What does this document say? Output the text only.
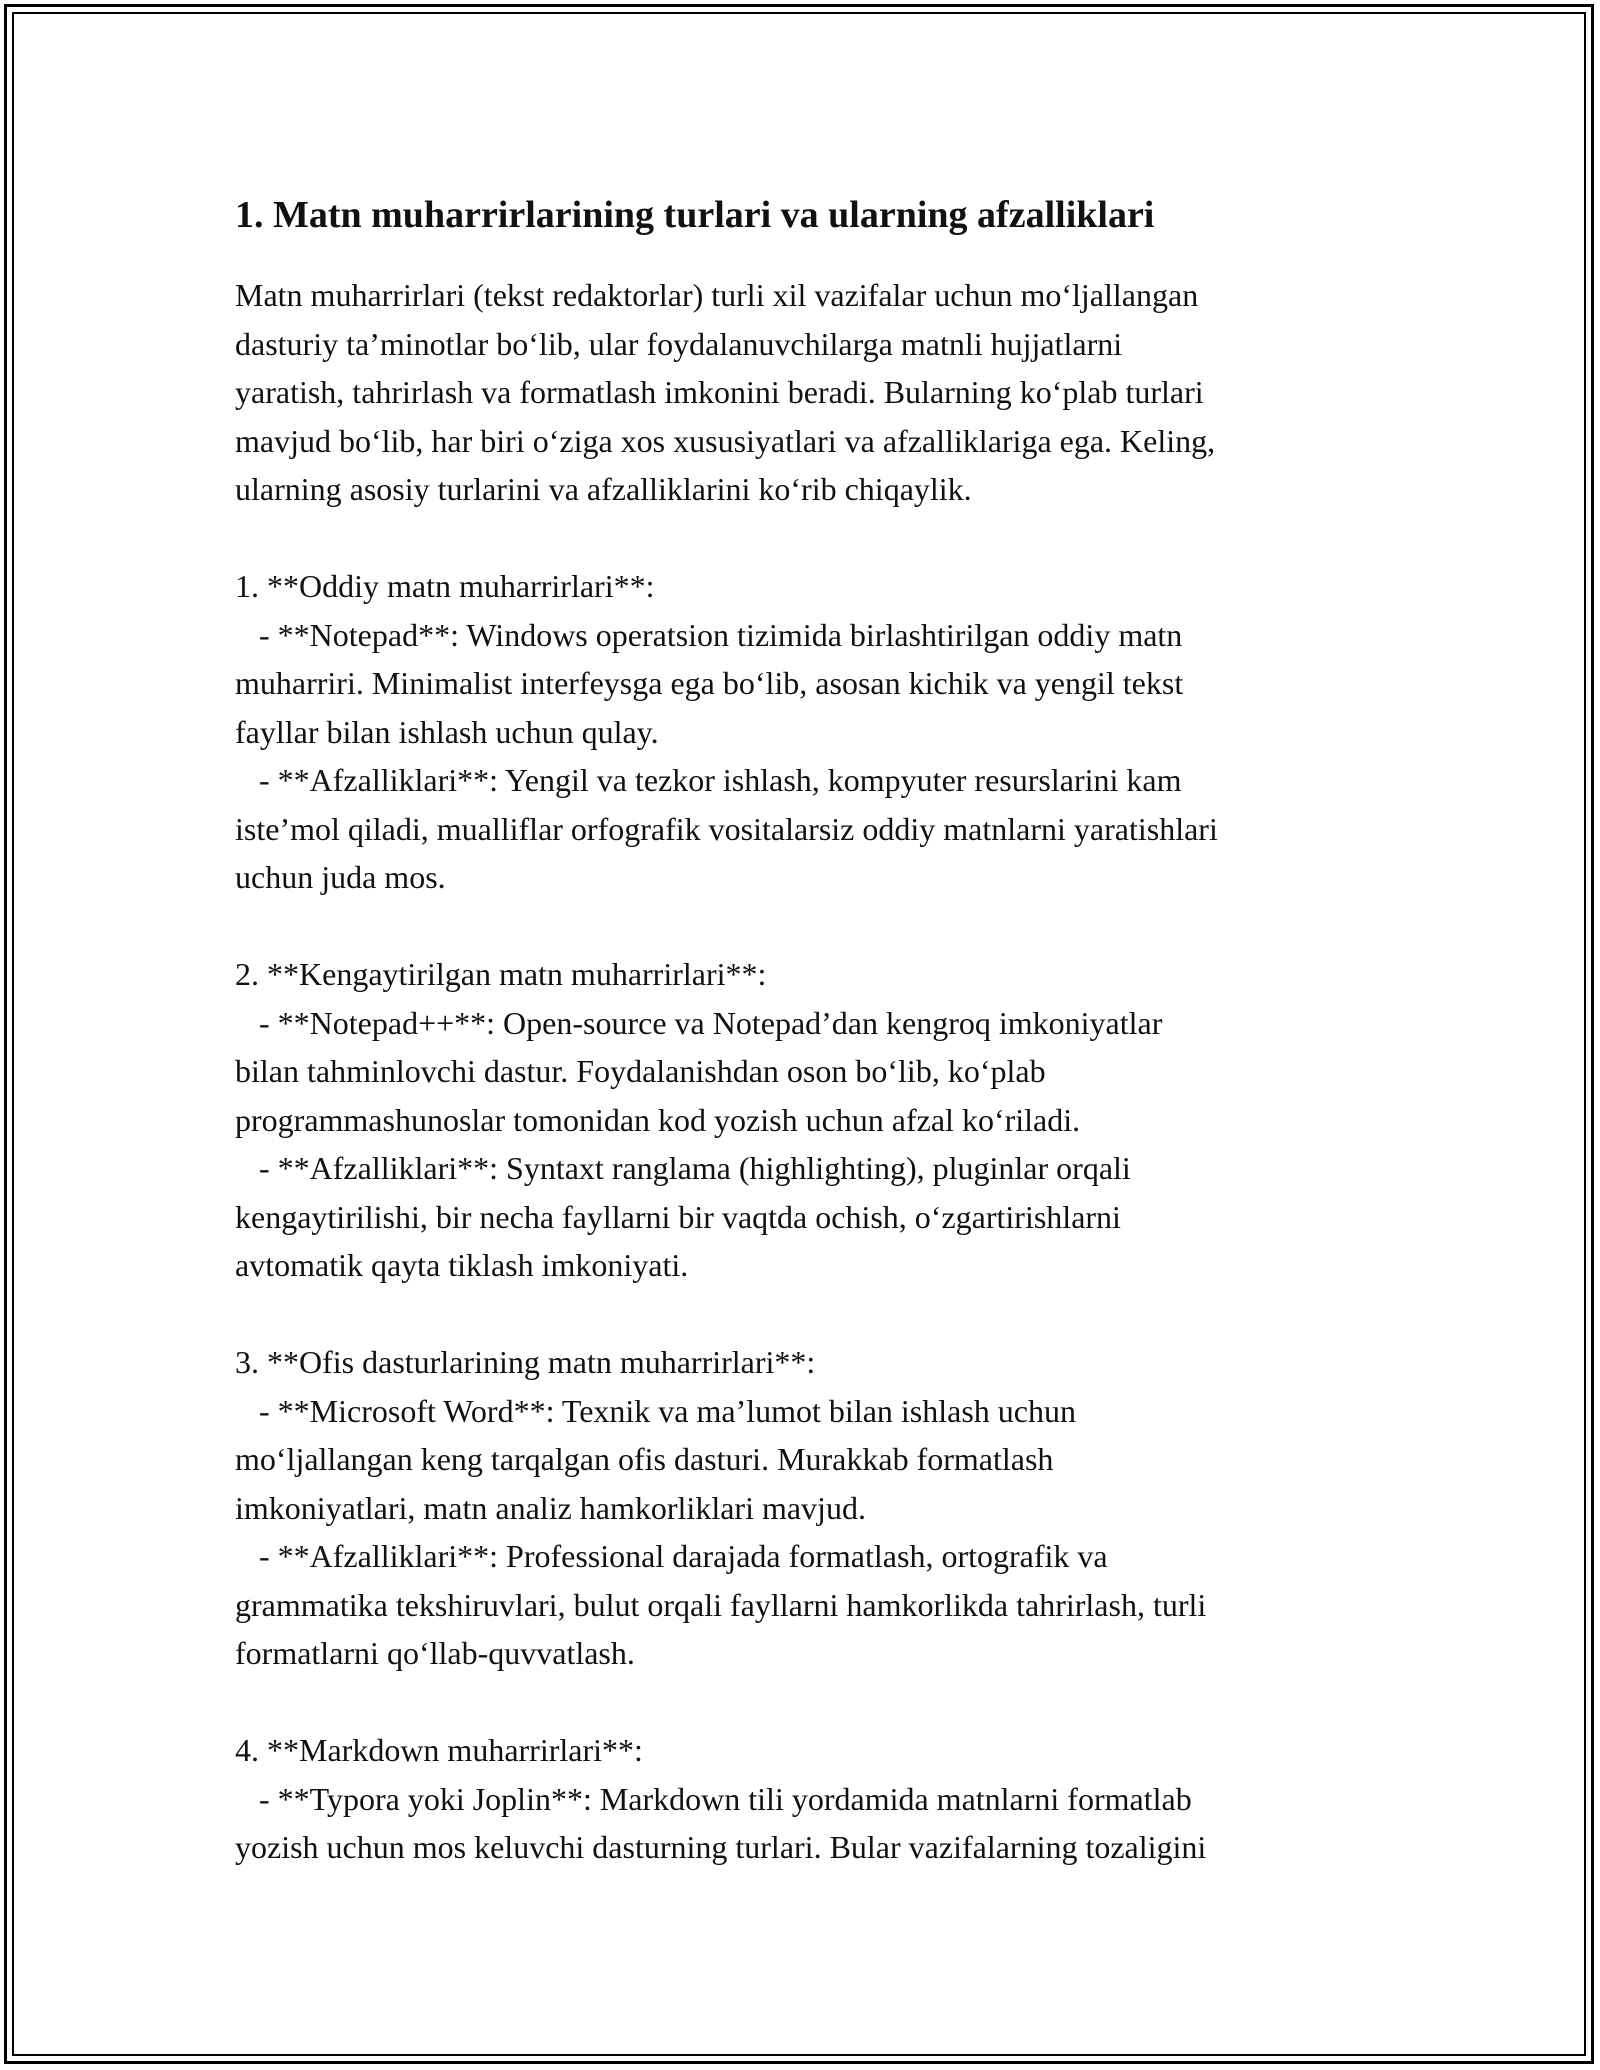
1. Matn muharrirlarining turlari va ularning afzalliklari

Matn muharrirlari (tekst redaktorlar) turli xil vazifalar uchun mo‘ljallangan
dasturiy ta’minotlar bo‘lib, ular foydalanuvchilarga matnli hujjatlarni
yaratish, tahrirlash va formatlash imkonini beradi. Bularning ko‘plab turlari
mavjud bo‘lib, har biri o‘ziga xos xususiyatlari va afzalliklariga ega. Keling,
ularning asosiy turlarini va afzalliklarini ko‘rib chiqaylik.

1. **Oddiy matn muharrirlari**:
- **Notepad**: Windows operatsion tizimida birlashtirilgan oddiy matn
muharriri. Minimalist interfeysga ega bo‘lib, asosan kichik va yengil tekst
fayllar bilan ishlash uchun qulay.
- **Afzalliklari**: Yengil va tezkor ishlash, kompyuter resurslarini kam
iste’mol qiladi, mualliflar orfografik vositalarsiz oddiy matnlarni yaratishlari
uchun juda mos.

2. **Kengaytirilgan matn muharrirlari**:
- **Notepad++**: Open-source va Notepad’dan kengroq imkoniyatlar
bilan tahminlovchi dastur. Foydalanishdan oson bo‘lib, ko‘plab
programmashunoslar tomonidan kod yozish uchun afzal ko‘riladi.
- **Afzalliklari**: Syntaxt ranglama (highlighting), pluginlar orqali
kengaytirilishi, bir necha fayllarni bir vaqtda ochish, o‘zgartirishlarni
avtomatik qayta tiklash imkoniyati.

3. **Ofis dasturlarining matn muharrirlari**:
- **Microsoft Word**: Texnik va ma’lumot bilan ishlash uchun
mo‘ljallangan keng tarqalgan ofis dasturi. Murakkab formatlash
imkoniyatlari, matn analiz hamkorliklari mavjud.
- **Afzalliklari**: Professional darajada formatlash, ortografik va
grammatika tekshiruvlari, bulut orqali fayllarni hamkorlikda tahrirlash, turli
formatlarni qo‘llab-quvvatlash.

4. **Markdown muharrirlari**:
- **Typora yoki Joplin**: Markdown tili yordamida matnlarni formatlab
yozish uchun mos keluvchi dasturning turlari. Bular vazifalarning tozaligini
